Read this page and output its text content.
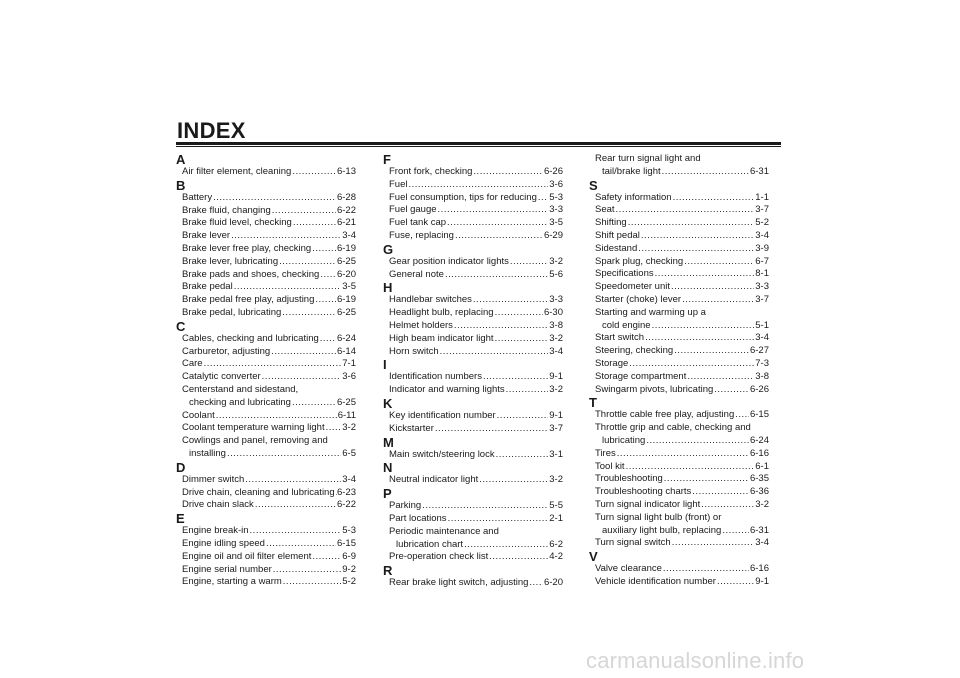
INDEX
A
Air filter element, cleaning .....	6-13
B
Battery .....	6-28
Brake fluid, changing .....	6-22
Brake fluid level, checking .....	6-21
Brake lever .....	3-4
Brake lever free play, checking .....	6-19
Brake lever, lubricating .....	6-25
Brake pads and shoes, checking ..... 6-20
Brake pedal .....	3-5
Brake pedal free play, adjusting ..... 6-19
Brake pedal, lubricating .....	6-25
C
Cables, checking and lubricating ..... 6-24
Carburetor, adjusting .....	6-14
Care .....	7-1
Catalytic converter .....	3-6
Centerstand and sidestand,
checking and lubricating .....	6-25
Coolant .....	6-11
Coolant temperature warning light ..... 3-2
Cowlings and panel, removing and
installing .....	6-5
D
Dimmer switch .....	3-4
Drive chain, cleaning and lubricating ..... 6-23
Drive chain slack .....	6-22
E
Engine break-in .....	5-3
Engine idling speed .....	6-15
Engine oil and oil filter element .....	6-9
Engine serial number .....	9-2
Engine, starting a warm .....	5-2
F
Front fork, checking .....	6-26
Fuel .....	3-6
Fuel consumption, tips for reducing ..... 5-3
Fuel gauge .....	3-3
Fuel tank cap .....	3-5
Fuse, replacing .....	6-29
G
Gear position indicator lights .....	3-2
General note .....	5-6
H
Handlebar switches .....	3-3
Headlight bulb, replacing .....	6-30
Helmet holders .....	3-8
High beam indicator light .....	3-2
Horn switch .....	3-4
I
Identification numbers .....	9-1
Indicator and warning lights .....	3-2
K
Key identification number .....	9-1
Kickstarter .....	3-7
M
Main switch/steering lock .....	3-1
N
Neutral indicator light .....	3-2
P
Parking .....	5-5
Part locations .....	2-1
Periodic maintenance and
lubrication chart .....	6-2
Pre-operation check list .....	4-2
R
Rear brake light switch, adjusting ..... 6-20
Rear turn signal light and
tail/brake light .....	6-31
S
Safety information .....	1-1
Seat .....	3-7
Shifting .....	5-2
Shift pedal .....	3-4
Sidestand .....	3-9
Spark plug, checking .....	6-7
Specifications .....	8-1
Speedometer unit .....	3-3
Starter (choke) lever .....	3-7
Starting and warming up a
cold engine .....	5-1
Start switch .....	3-4
Steering, checking .....	6-27
Storage .....	7-3
Storage compartment .....	3-8
Swingarm pivots, lubricating .....	6-26
T
Throttle cable free play, adjusting ..... 6-15
Throttle grip and cable, checking and
lubricating .....	6-24
Tires .....	6-16
Tool kit .....	6-1
Troubleshooting .....	6-35
Troubleshooting charts .....	6-36
Turn signal indicator light .....	3-2
Turn signal light bulb (front) or
auxiliary light bulb, replacing .....	6-31
Turn signal switch .....	3-4
V
Valve clearance .....	6-16
Vehicle identification number .....	9-1
carmanualsonline.info
